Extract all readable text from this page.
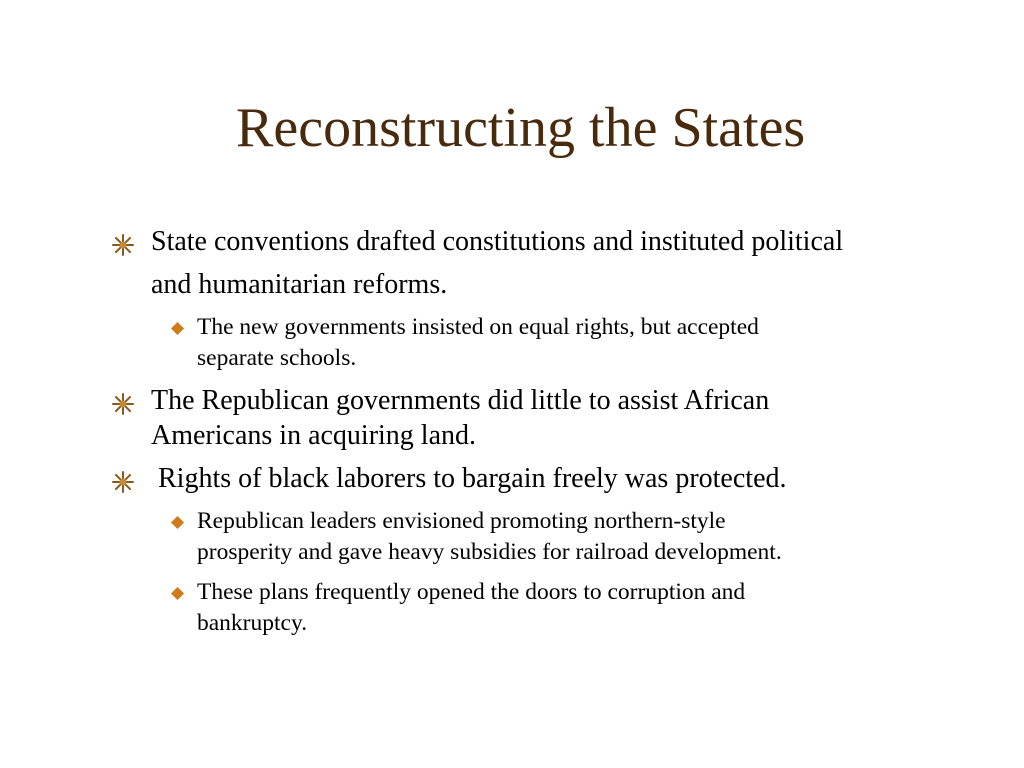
Reconstructing the States
State conventions drafted constitutions and instituted political
and humanitarian reforms.
The new governments insisted on equal rights, but accepted
separate schools.
The Republican governments did little to assist African
Americans in acquiring land.
Rights of black laborers to bargain freely was protected.
Republican leaders envisioned promoting northern-style
prosperity and gave heavy subsidies for railroad development.
These plans frequently opened the doors to corruption and
bankruptcy.
